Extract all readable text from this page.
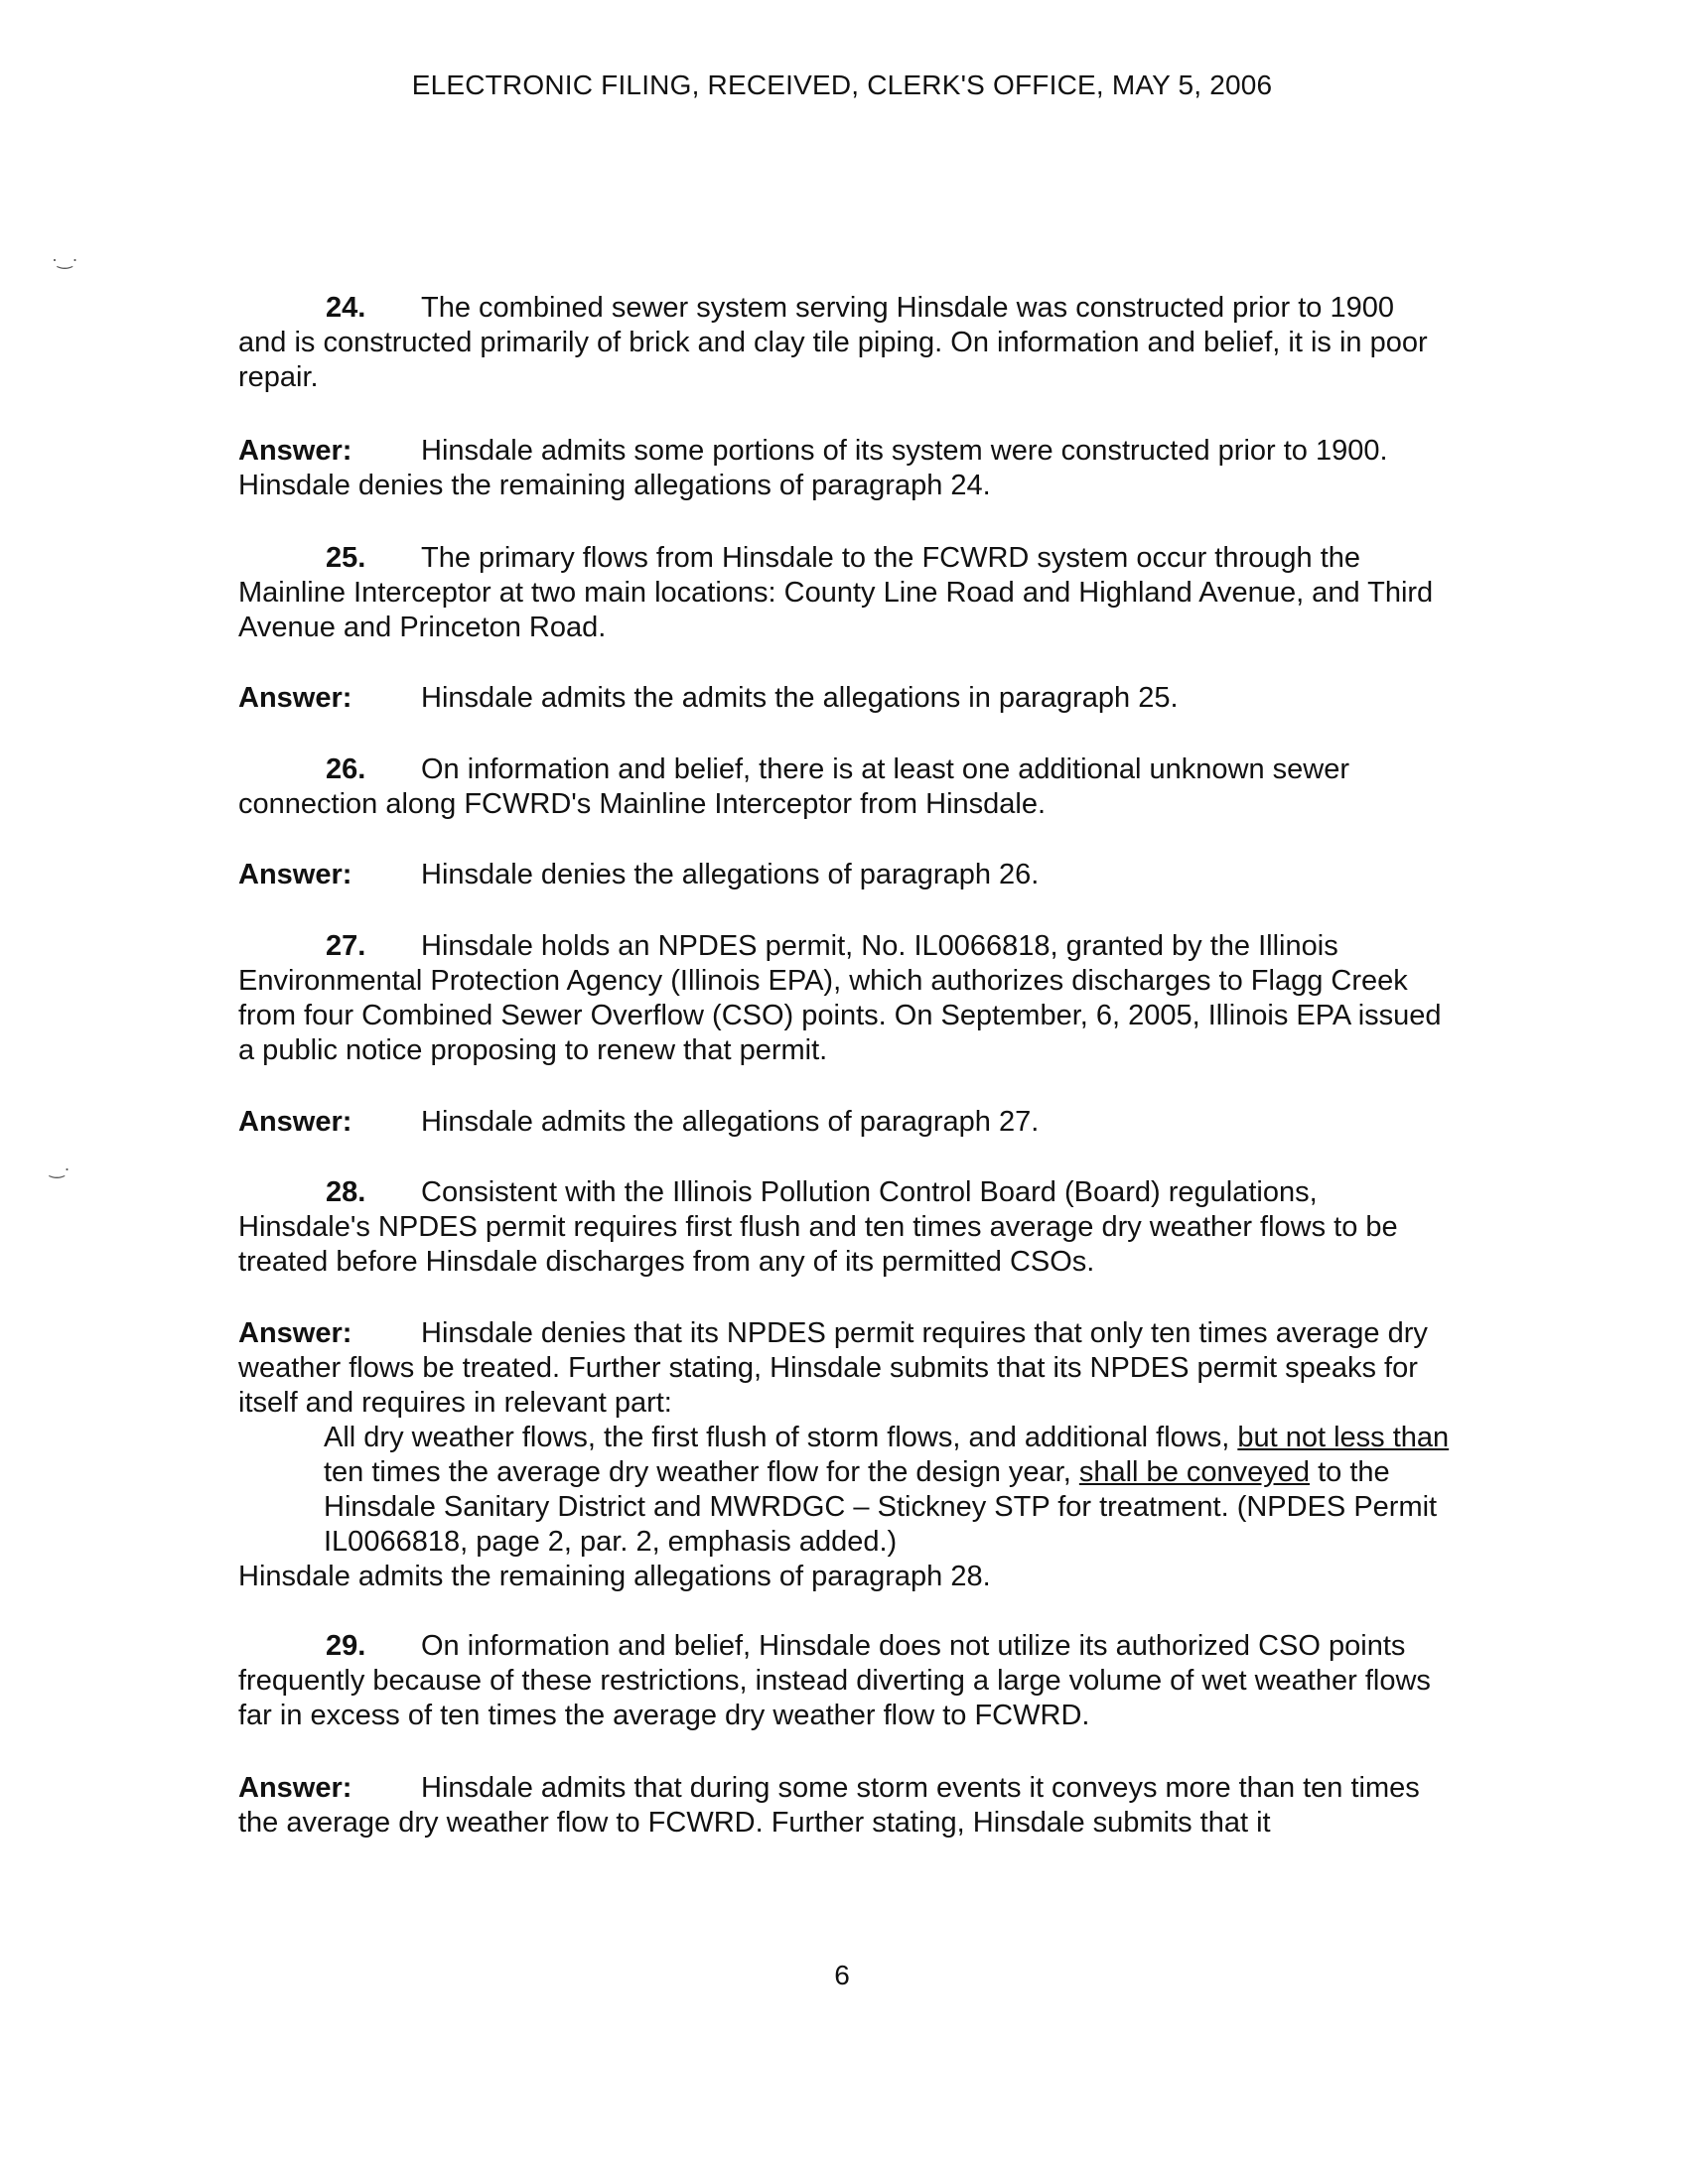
ELECTRONIC FILING, RECEIVED, CLERK'S OFFICE, MAY 5, 2006
·‿·
‿·

24. The combined sewer system serving Hinsdale was constructed prior to 1900 and is constructed primarily of brick and clay tile piping. On information and belief, it is in poor repair.

Answer: Hinsdale admits some portions of its system were constructed prior to 1900. Hinsdale denies the remaining allegations of paragraph 24.

25. The primary flows from Hinsdale to the FCWRD system occur through the Mainline Interceptor at two main locations: County Line Road and Highland Avenue, and Third Avenue and Princeton Road.

Answer: Hinsdale admits the admits the allegations in paragraph 25.

26. On information and belief, there is at least one additional unknown sewer connection along FCWRD's Mainline Interceptor from Hinsdale.

Answer: Hinsdale denies the allegations of paragraph 26.

27. Hinsdale holds an NPDES permit, No. IL0066818, granted by the Illinois Environmental Protection Agency (Illinois EPA), which authorizes discharges to Flagg Creek from four Combined Sewer Overflow (CSO) points. On September, 6, 2005, Illinois EPA issued a public notice proposing to renew that permit.

Answer: Hinsdale admits the allegations of paragraph 27.

28. Consistent with the Illinois Pollution Control Board (Board) regulations, Hinsdale's NPDES permit requires first flush and ten times average dry weather flows to be treated before Hinsdale discharges from any of its permitted CSOs.

Answer: Hinsdale denies that its NPDES permit requires that only ten times average dry weather flows be treated. Further stating, Hinsdale submits that its NPDES permit speaks for itself and requires in relevant part:

All dry weather flows, the first flush of storm flows, and additional flows, but not less than ten times the average dry weather flow for the design year, shall be conveyed to the Hinsdale Sanitary District and MWRDGC – Stickney STP for treatment. (NPDES Permit IL0066818, page 2, par. 2, emphasis added.)

Hinsdale admits the remaining allegations of paragraph 28.

29. On information and belief, Hinsdale does not utilize its authorized CSO points frequently because of these restrictions, instead diverting a large volume of wet weather flows far in excess of ten times the average dry weather flow to FCWRD.

Answer: Hinsdale admits that during some storm events it conveys more than ten times the average dry weather flow to FCWRD. Further stating, Hinsdale submits that it

6
